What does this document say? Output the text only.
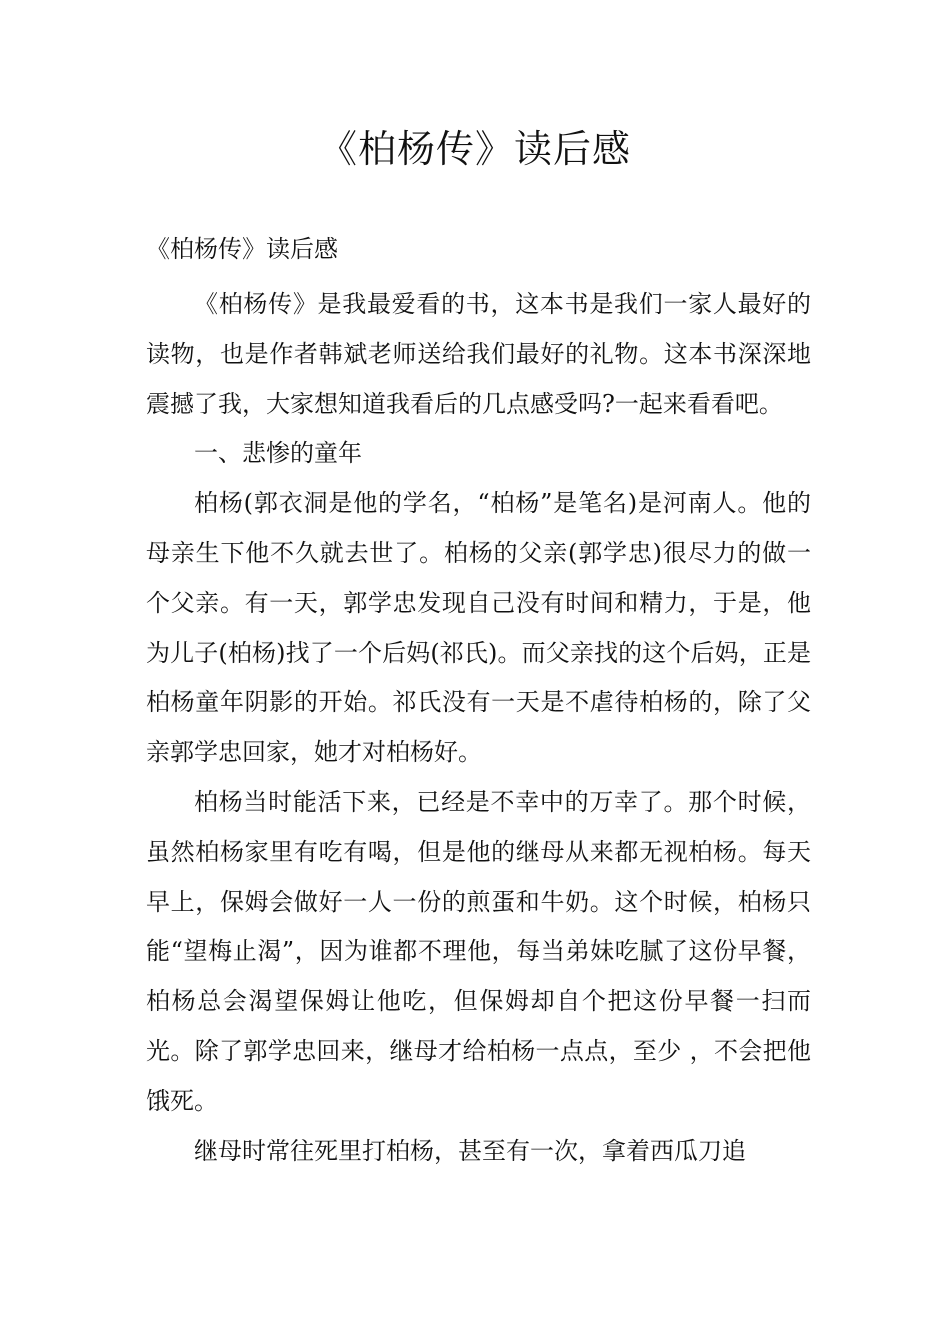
《柏杨传》读后感

《柏杨传》读后感

《柏杨传》是我最爱看的书，这本书是我们一家人最好的读物，也是作者韩斌老师送给我们最好的礼物。这本书深深地震撼了我，大家想知道我看后的几点感受吗?一起来看看吧。

一、悲惨的童年

柏杨(郭衣洞是他的学名，“柏杨”是笔名)是河南人。他的母亲生下他不久就去世了。柏杨的父亲(郭学忠)很尽力的做一个父亲。有一天，郭学忠发现自己没有时间和精力，于是，他为儿子(柏杨)找了一个后妈(祁氏)。而父亲找的这个后妈，正是柏杨童年阴影的开始。祁氏没有一天是不虐待柏杨的，除了父亲郭学忠回家，她才对柏杨好。

柏杨当时能活下来，已经是不幸中的万幸了。那个时候，虽然柏杨家里有吃有喝，但是他的继母从来都无视柏杨。每天早上，保姆会做好一人一份的煎蛋和牛奶。这个时候，柏杨只能“望梅止渴”，因为谁都不理他，每当弟妹吃腻了这份早餐，柏杨总会渴望保姆让他吃，但保姆却自个把这份早餐一扫而光。除了郭学忠回来，继母才给柏杨一点点，至少 ，不会把他饿死。

继母时常往死里打柏杨，甚至有一次，拿着西瓜刀追
